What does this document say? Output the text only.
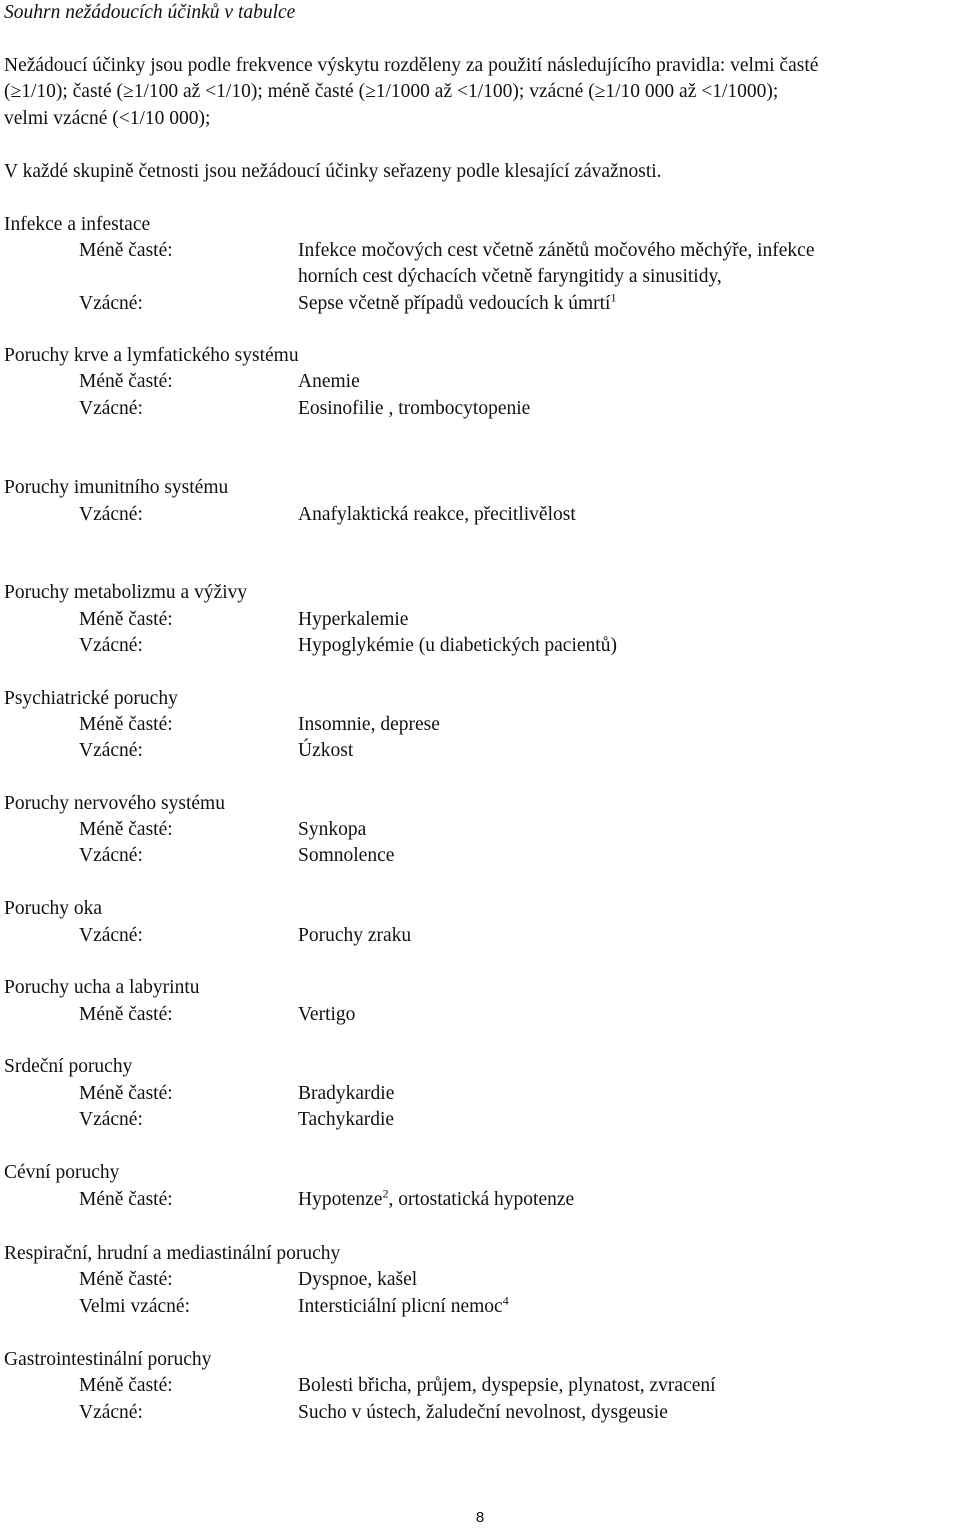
Souhrn nežádoucích účinků v tabulce
Nežádoucí účinky jsou podle frekvence výskytu rozděleny za použití následujícího pravidla: velmi časté
(≥1/10); časté (≥1/100 až <1/10); méně časté (≥1/1000 až <1/100); vzácné (≥1/10 000 až <1/1000);
velmi vzácné (<1/10 000);
V každé skupině četnosti jsou nežádoucí účinky seřazeny podle klesající závažnosti.
Infekce a infestace
Méně časté:	Infekce močových cest včetně zánětů močového měchýře, infekce
horních cest dýchacích včetně faryngitidy a sinusitidy,
Vzácné:	Sepse včetně případů vedoucích k úmrtí$^1$
Poruchy krve a lymfatického systému
Méně časté:	Anemie
Vzácné:	Eosinofilie , trombocytopenie
Poruchy imunitního systému
Vzácné:	Anafylaktická reakce, přecitlivělost
Poruchy metabolizmu a výživy
Méně časté:	Hyperkalemie
Vzácné:	Hypoglykémie (u diabetických pacientů)
Psychiatrické poruchy
Méně časté:	Insomnie, deprese
Vzácné:	Úzkost
Poruchy nervového systému
Méně časté:	Synkopa
Vzácné:	Somnolence
Poruchy oka
Vzácné:	Poruchy zraku
Poruchy ucha a labyrintu
Méně časté:	Vertigo
Srdeční poruchy
Méně časté:	Bradykardie
Vzácné:	Tachykardie
Cévní poruchy
Méně časté:	Hypotenze$^2$, ortostatická hypotenze
Respirační, hrudní a mediastinální poruchy
Méně časté:	Dyspnoe, kašel
Velmi vzácné:	Intersticiální plicní nemoc$^4$
Gastrointestinální poruchy
Méně časté:	Bolesti břicha, průjem, dyspepsie, plynatost, zvracení
Vzácné:	Sucho v ústech, žaludeční nevolnost, dysgeusie
8
